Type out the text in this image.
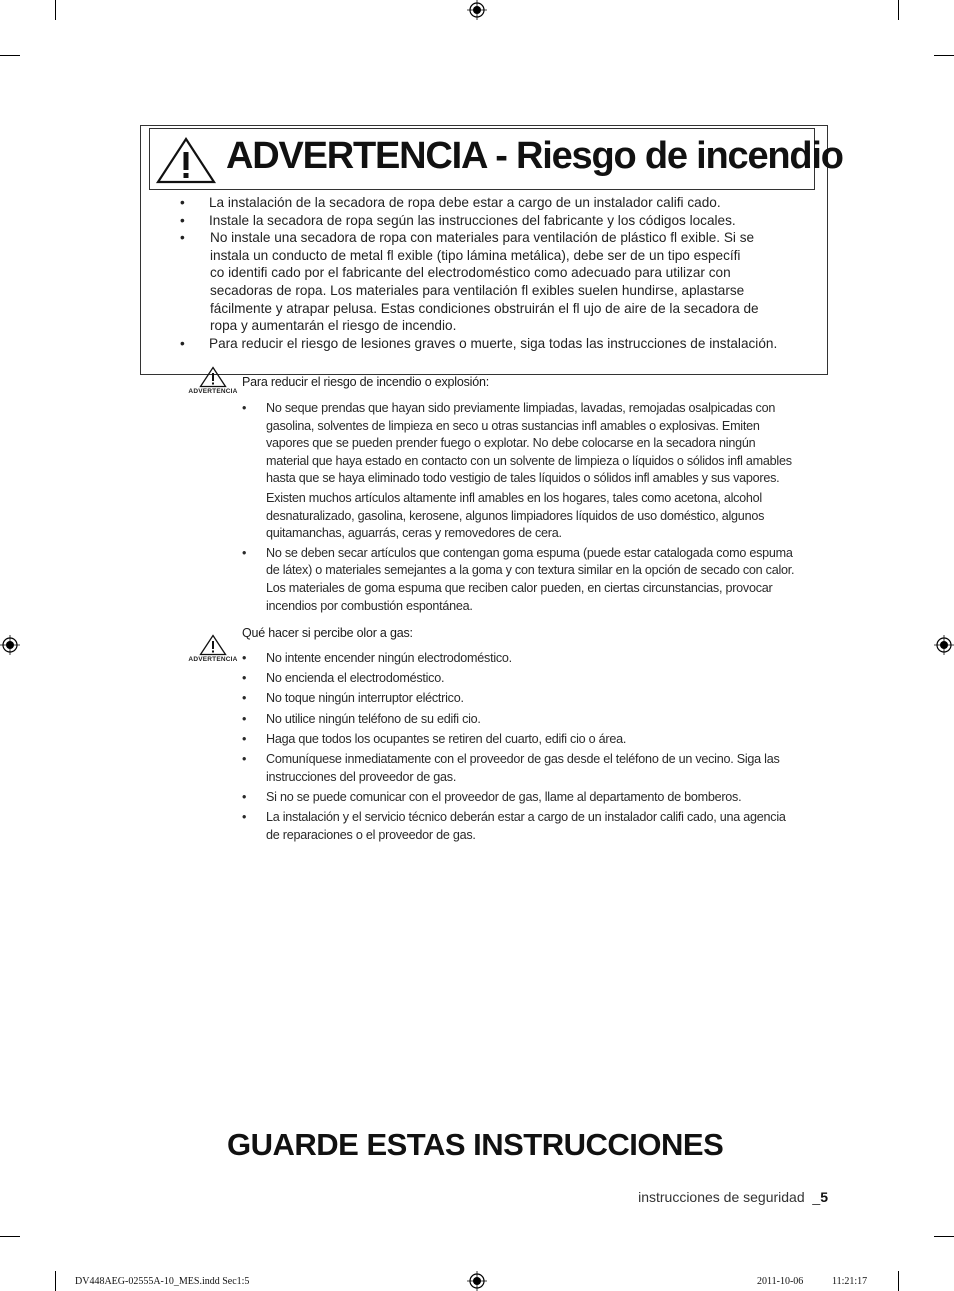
ADVERTENCIA - Riesgo de incendio
• La instalación de la secadora de ropa debe estar a cargo de un instalador califi cado.
• Instale la secadora de ropa según las instrucciones del fabricante y los códigos locales.
• No instale una secadora de ropa con materiales para ventilación de plástico fl exible. Si se
instala un conducto de metal fl exible (tipo lámina metálica), debe ser de un tipo específi
co identifi cado por el fabricante del electrodoméstico como adecuado para utilizar con
secadoras de ropa. Los materiales para ventilación fl exibles suelen hundirse, aplastarse
fácilmente y atrapar pelusa. Estas condiciones obstruirán el fl ujo de aire de la secadora de
ropa y aumentarán el riesgo de incendio.
• Para reducir el riesgo de lesiones graves o muerte, siga todas las instrucciones de instalación.
ADVERTENCIA
Para reducir el riesgo de incendio o explosión:
• No seque prendas que hayan sido previamente limpiadas, lavadas, remojadas osalpicadas con
gasolina, solventes de limpieza en seco u otras sustancias infl amables o explosivas. Emiten
vapores que se pueden prender fuego o explotar. No debe colocarse en la secadora ningún
material que haya estado en contacto con un solvente de limpieza o líquidos o sólidos infl amables
hasta que se haya eliminado todo vestigio de tales líquidos o sólidos infl amables y sus vapores.

Existen muchos artículos altamente infl amables en los hogares, tales como acetona, alcohol
desnaturalizado, gasolina, kerosene, algunos limpiadores líquidos de uso doméstico, algunos
quitamanchas, aguarrás, ceras y removedores de cera.

• No se deben secar artículos que contengan goma espuma (puede estar catalogada como espuma
de látex) o materiales semejantes a la goma y con textura similar en la opción de secado con calor.
Los materiales de goma espuma que reciben calor pueden, en ciertas circunstancias, provocar
incendios por combustión espontánea.

ADVERTENCIA
Qué hacer si percibe olor a gas:
• No intente encender ningún electrodoméstico.
• No encienda el electrodoméstico.
• No toque ningún interruptor eléctrico.
• No utilice ningún teléfono de su edifi cio.
• Haga que todos los ocupantes se retiren del cuarto, edifi cio o área.
• Comuníquese inmediatamente con el proveedor de gas desde el teléfono de un vecino. Siga las
instrucciones del proveedor de gas.
• Si no se puede comunicar con el proveedor de gas, llame al departamento de bomberos.
• La instalación y el servicio técnico deberán estar a cargo de un instalador califi cado, una agencia
de reparaciones o el proveedor de gas.
GUARDE ESTAS INSTRUCCIONES
instrucciones de seguridad _5
DV448AEG-02555A-10_MES.indd Sec1:5	2011-10-06	11:21:17
